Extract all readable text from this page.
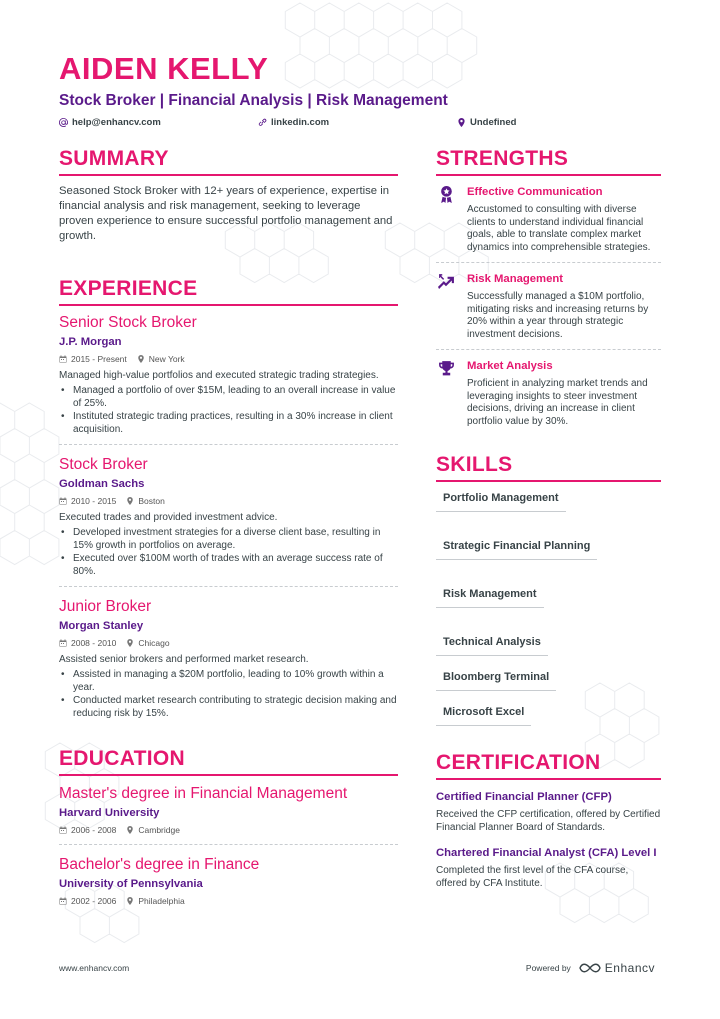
AIDEN KELLY
Stock Broker | Financial Analysis | Risk Management
help@enhancv.com	linkedin.com	Undefined
SUMMARY
Seasoned Stock Broker with 12+ years of experience, expertise in financial analysis and risk management, seeking to leverage proven experience to ensure successful portfolio management and growth.
EXPERIENCE
Senior Stock Broker
J.P. Morgan
2015 - Present	New York
Managed high-value portfolios and executed strategic trading strategies.
• Managed a portfolio of over $15M, leading to an overall increase in value of 25%.
• Instituted strategic trading practices, resulting in a 30% increase in client acquisition.
Stock Broker
Goldman Sachs
2010 - 2015	Boston
Executed trades and provided investment advice.
• Developed investment strategies for a diverse client base, resulting in 15% growth in portfolios on average.
• Executed over $100M worth of trades with an average success rate of 80%.
Junior Broker
Morgan Stanley
2008 - 2010	Chicago
Assisted senior brokers and performed market research.
• Assisted in managing a $20M portfolio, leading to 10% growth within a year.
• Conducted market research contributing to strategic decision making and reducing risk by 15%.
EDUCATION
Master's degree in Financial Management
Harvard University
2006 - 2008	Cambridge
Bachelor's degree in Finance
University of Pennsylvania
2002 - 2006	Philadelphia
STRENGTHS
Effective Communication
Accustomed to consulting with diverse clients to understand individual financial goals, able to translate complex market dynamics into comprehensible strategies.
Risk Management
Successfully managed a $10M portfolio, mitigating risks and increasing returns by 20% within a year through strategic investment decisions.
Market Analysis
Proficient in analyzing market trends and leveraging insights to steer investment decisions, driving an increase in client portfolio value by 30%.
SKILLS
Portfolio Management
Strategic Financial Planning
Risk Management
Technical Analysis
Bloomberg Terminal
Microsoft Excel
CERTIFICATION
Certified Financial Planner (CFP)
Received the CFP certification, offered by Certified Financial Planner Board of Standards.
Chartered Financial Analyst (CFA) Level I
Completed the first level of the CFA course, offered by CFA Institute.
www.enhancv.com	Powered by	Enhancv
